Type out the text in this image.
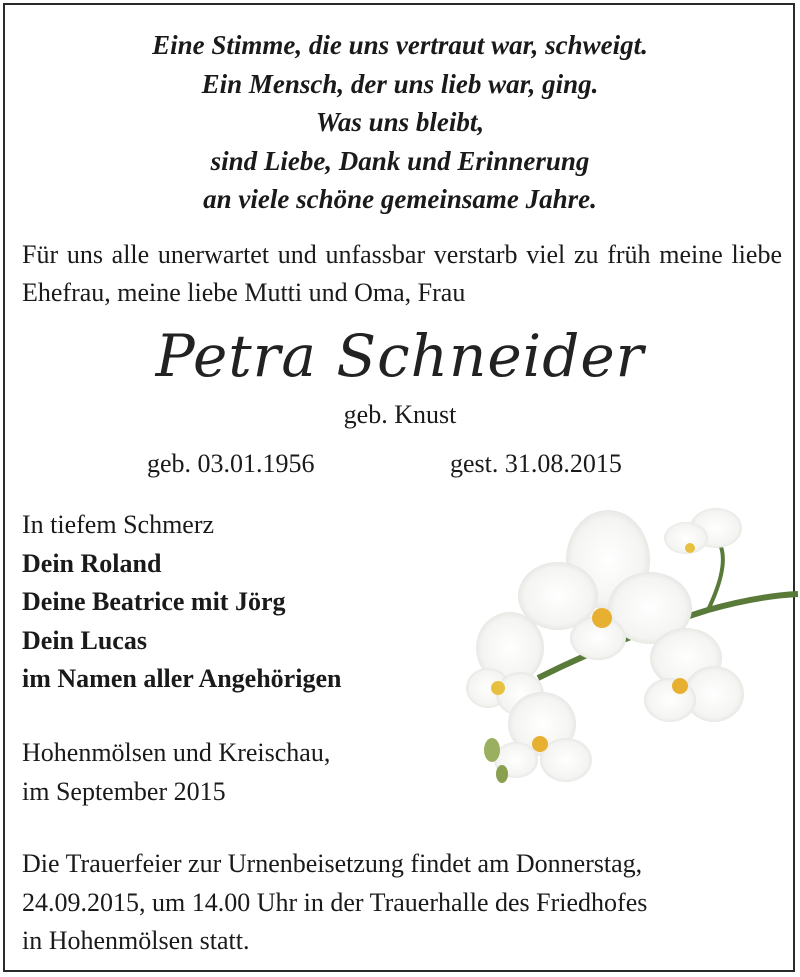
Eine Stimme, die uns vertraut war, schweigt.
Ein Mensch, der uns lieb war, ging.
Was uns bleibt,
sind Liebe, Dank und Erinnerung
an viele schöne gemeinsame Jahre.
Für uns alle unerwartet und unfassbar verstarb viel zu früh meine liebe Ehefrau, meine liebe Mutti und Oma, Frau
Petra Schneider
geb. Knust
geb. 03.01.1956	gest. 31.08.2015
In tiefem Schmerz
Dein Roland
Deine Beatrice mit Jörg
Dein Lucas
im Namen aller Angehörigen
Hohenmölsen und Kreischau,
im September 2015
Die Trauerfeier zur Urnenbeisetzung findet am Donnerstag,
24.09.2015, um 14.00 Uhr in der Trauerhalle des Friedhofes
in Hohenmölsen statt.
